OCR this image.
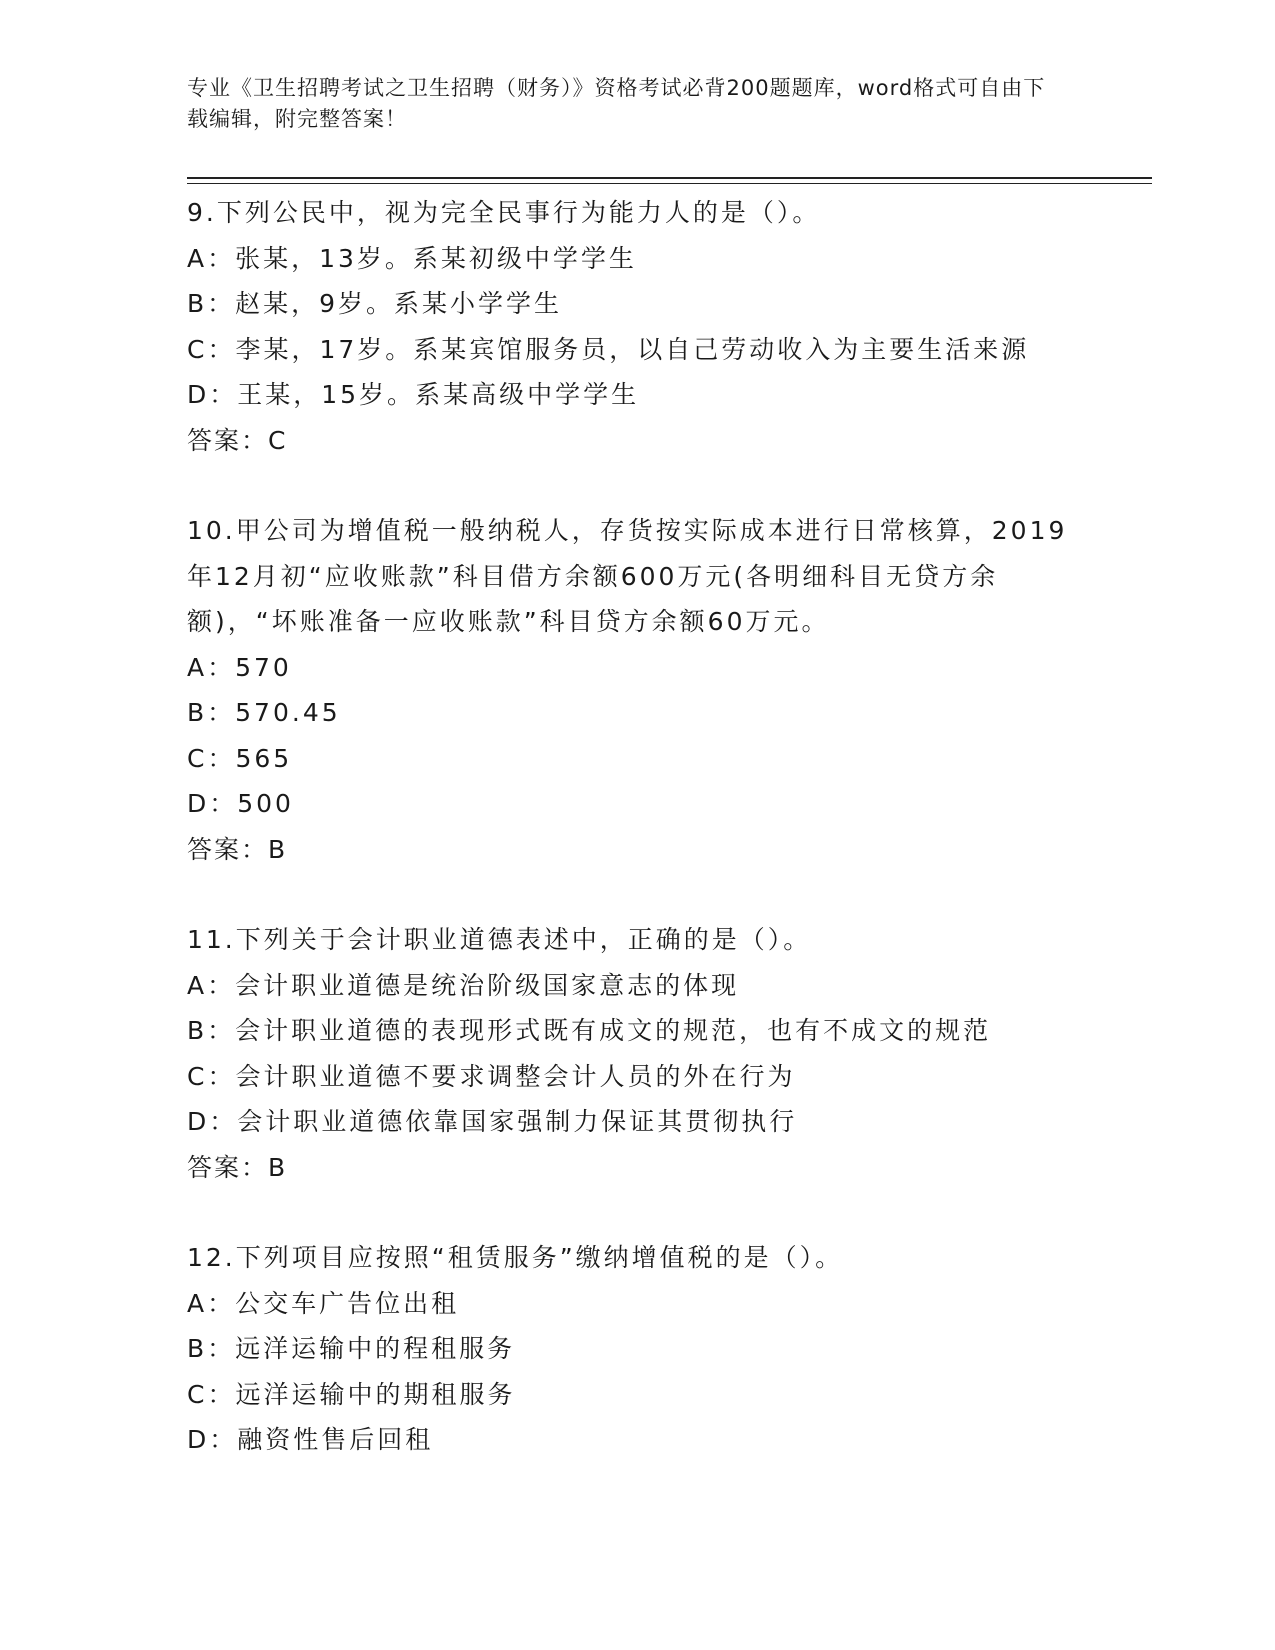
专业《卫生招聘考试之卫生招聘（财务）》资格考试必背200题题库，word格式可自由下载编辑，附完整答案！

9.下列公民中，视为完全民事行为能力人的是（）。

A：张某，13岁。系某初级中学学生

B：赵某，9岁。系某小学学生

C：李某，17岁。系某宾馆服务员，以自己劳动收入为主要生活来源

D：王某，15岁。系某高级中学学生

答案：C

10.甲公司为增值税一般纳税人，存货按实际成本进行日常核算，2019年12月初“应收账款”科目借方余额600万元(各明细科目无贷方余额)，“坏账准备一应收账款”科目贷方余额60万元。

A：570

B：570.45

C：565

D：500

答案：B

11.下列关于会计职业道德表述中，正确的是（）。

A：会计职业道德是统治阶级国家意志的体现

B：会计职业道德的表现形式既有成文的规范，也有不成文的规范

C：会计职业道德不要求调整会计人员的外在行为

D：会计职业道德依靠国家强制力保证其贯彻执行

答案：B

12.下列项目应按照“租赁服务”缴纳增值税的是（）。

A：公交车广告位出租

B：远洋运输中的程租服务

C：远洋运输中的期租服务

D：融资性售后回租
